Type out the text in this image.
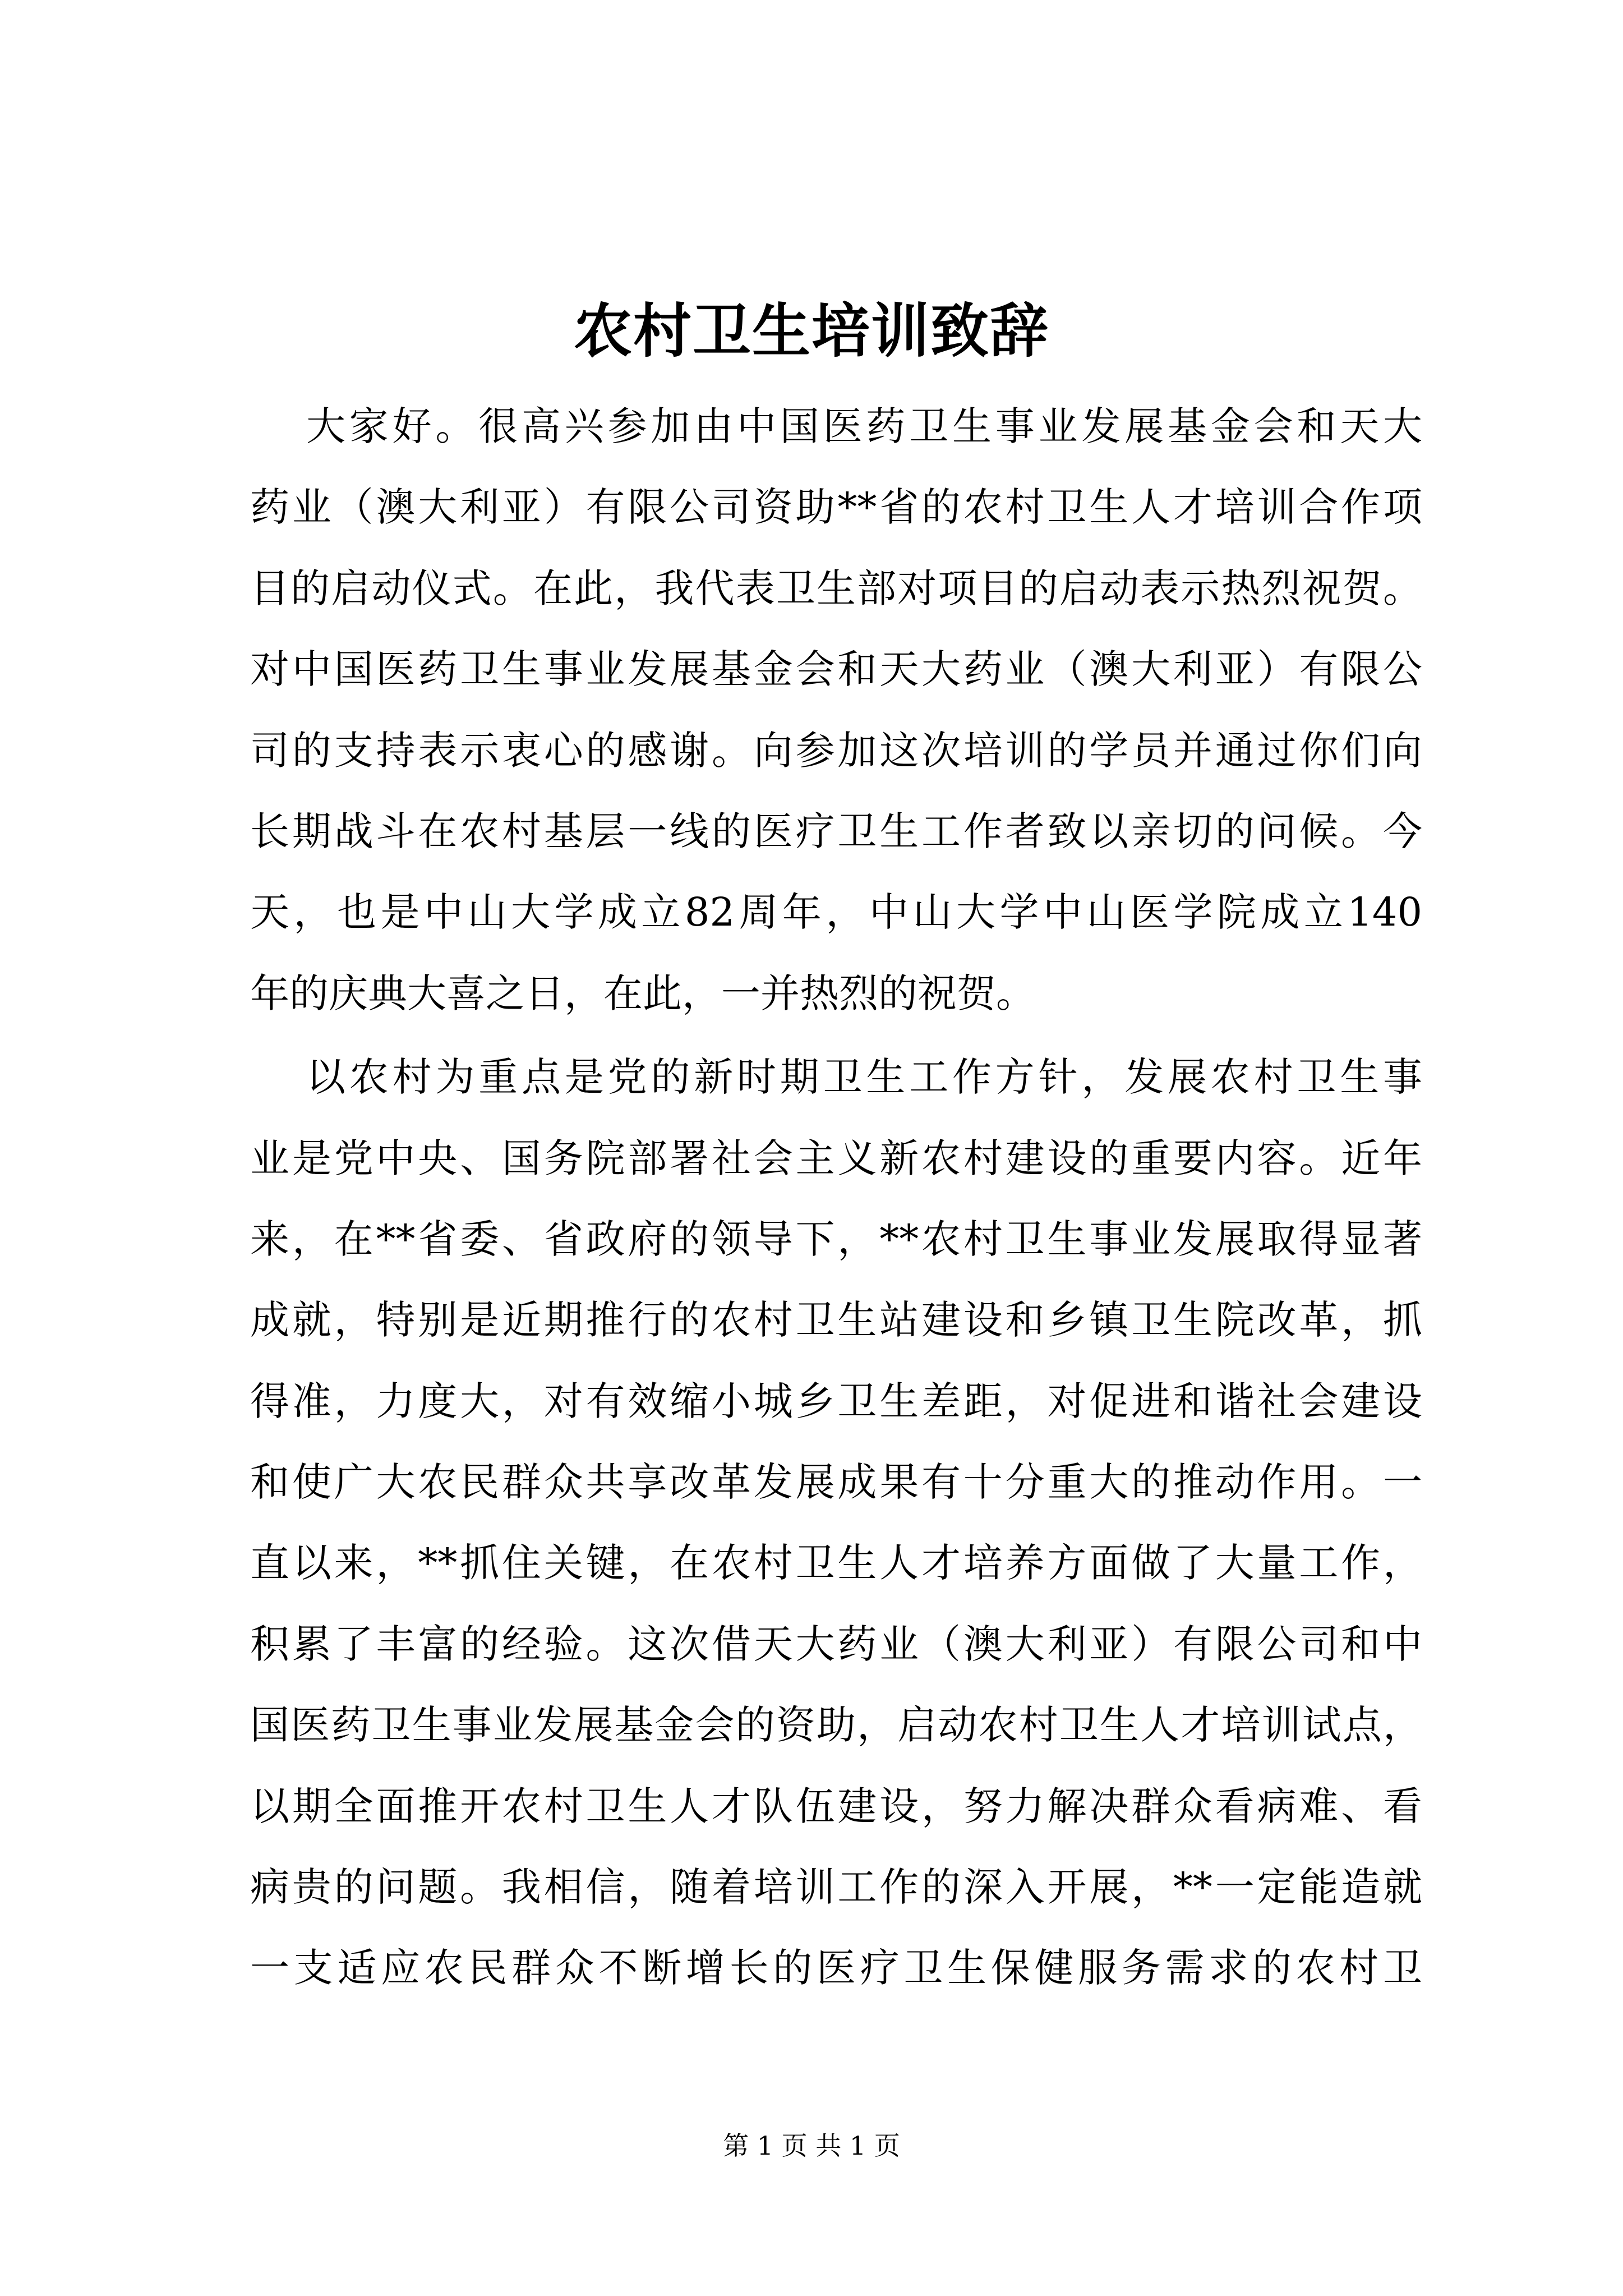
农村卫生培训致辞
大家好。很高兴参加由中国医药卫生事业发展基金会和天大
药业（澳大利亚）有限公司资助**省的农村卫生人才培训合作项
目的启动仪式。在此，我代表卫生部对项目的启动表示热烈祝贺。
对中国医药卫生事业发展基金会和天大药业（澳大利亚）有限公
司的支持表示衷心的感谢。向参加这次培训的学员并通过你们向
长期战斗在农村基层一线的医疗卫生工作者致以亲切的问候。今
天，也是中山大学成立82周年，中山大学中山医学院成立140
年的庆典大喜之日，在此，一并热烈的祝贺。
以农村为重点是党的新时期卫生工作方针，发展农村卫生事
业是党中央、国务院部署社会主义新农村建设的重要内容。近年
来，在**省委、省政府的领导下，**农村卫生事业发展取得显著
成就，特别是近期推行的农村卫生站建设和乡镇卫生院改革，抓
得准，力度大，对有效缩小城乡卫生差距，对促进和谐社会建设
和使广大农民群众共享改革发展成果有十分重大的推动作用。一
直以来，**抓住关键，在农村卫生人才培养方面做了大量工作，
积累了丰富的经验。这次借天大药业（澳大利亚）有限公司和中
国医药卫生事业发展基金会的资助，启动农村卫生人才培训试点，
以期全面推开农村卫生人才队伍建设，努力解决群众看病难、看
病贵的问题。我相信，随着培训工作的深入开展，**一定能造就
一支适应农民群众不断增长的医疗卫生保健服务需求的农村卫
第 1 页 共 1 页
